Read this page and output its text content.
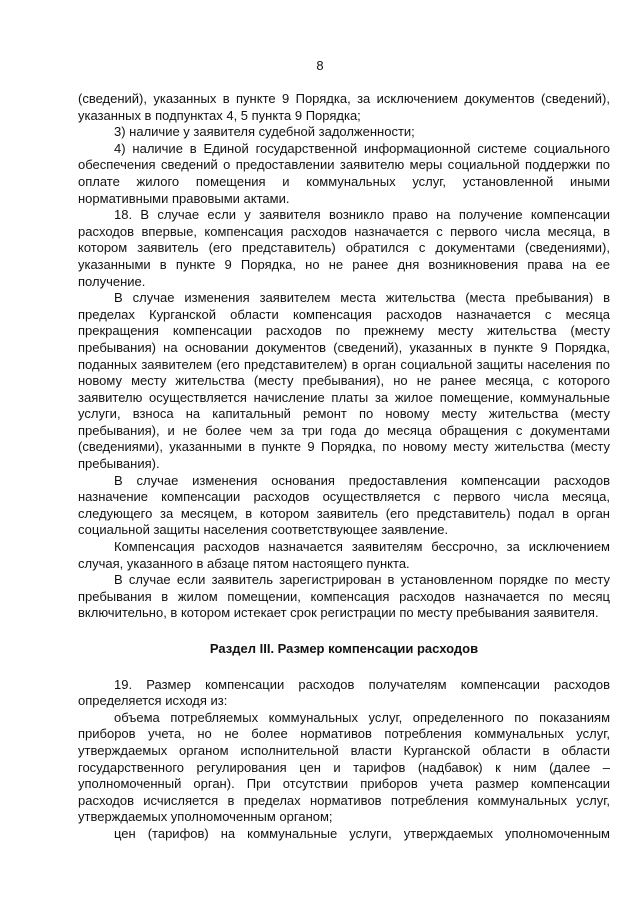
8

(сведений), указанных в пункте 9 Порядка, за исключением документов (сведений), указанных в подпунктах 4, 5 пункта 9 Порядка;

3) наличие у заявителя судебной задолженности;

4) наличие в Единой государственной информационной системе социального обеспечения сведений о предоставлении заявителю меры социальной поддержки по оплате жилого помещения и коммунальных услуг, установленной иными нормативными правовыми актами.

18. В случае если у заявителя возникло право на получение компенсации расходов впервые, компенсация расходов назначается с первого числа месяца, в котором заявитель (его представитель) обратился с документами (сведениями), указанными в пункте 9 Порядка, но не ранее дня возникновения права на ее получение.

В случае изменения заявителем места жительства (места пребывания) в пределах Курганской области компенсация расходов назначается с месяца прекращения компенсации расходов по прежнему месту жительства (месту пребывания) на основании документов (сведений), указанных в пункте 9 Порядка, поданных заявителем (его представителем) в орган социальной защиты населения по новому месту жительства (месту пребывания), но не ранее месяца, с которого заявителю осуществляется начисление платы за жилое помещение, коммунальные услуги, взноса на капитальный ремонт по новому месту жительства (месту пребывания), и не более чем за три года до месяца обращения с документами (сведениями), указанными в пункте 9 Порядка, по новому месту жительства (месту пребывания).

В случае изменения основания предоставления компенсации расходов назначение компенсации расходов осуществляется с первого числа месяца, следующего за месяцем, в котором заявитель (его представитель) подал в орган социальной защиты населения соответствующее заявление.

Компенсация расходов назначается заявителям бессрочно, за исключением случая, указанного в абзаце пятом настоящего пункта.

В случае если заявитель зарегистрирован в установленном порядке по месту пребывания в жилом помещении, компенсация расходов назначается по месяц включительно, в котором истекает срок регистрации по месту пребывания заявителя.

Раздел III. Размер компенсации расходов

19. Размер компенсации расходов получателям компенсации расходов определяется исходя из:

объема потребляемых коммунальных услуг, определенного по показаниям приборов учета, но не более нормативов потребления коммунальных услуг, утверждаемых органом исполнительной власти Курганской области в области государственного регулирования цен и тарифов (надбавок) к ним (далее – уполномоченный орган). При отсутствии приборов учета размер компенсации расходов исчисляется в пределах нормативов потребления коммунальных услуг, утверждаемых уполномоченным органом;

цен (тарифов) на коммунальные услуги, утверждаемых уполномоченным
